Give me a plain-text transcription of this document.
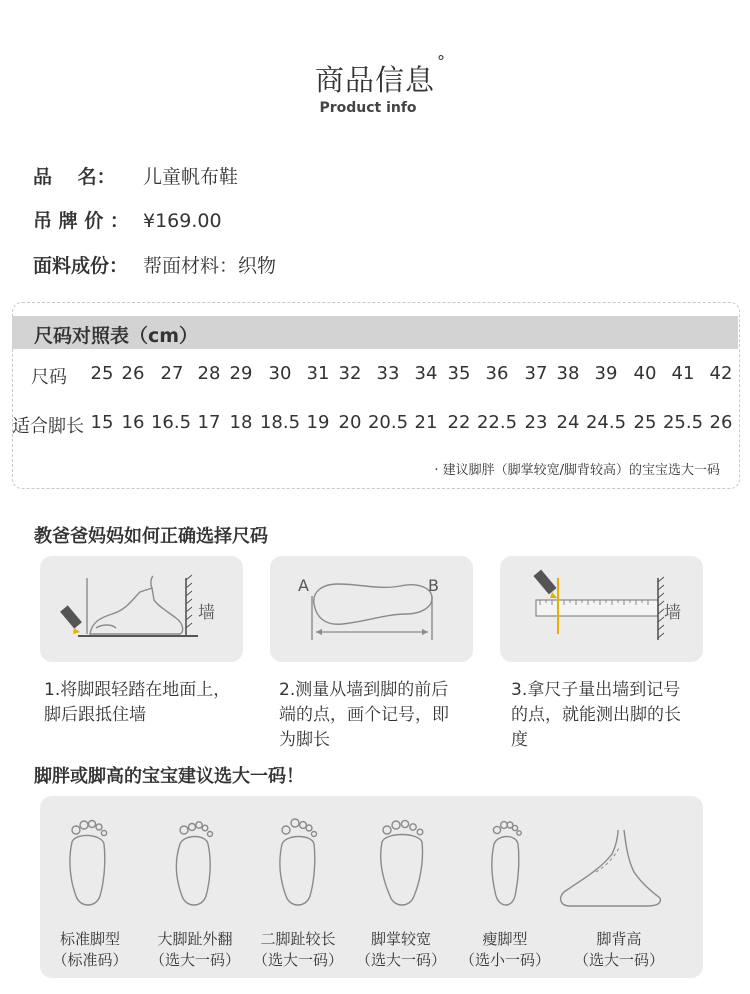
商品信息
°
Product info
品　 名： 儿童帆布鞋
吊 牌 价 ： ¥169.00
面料成份： 帮面材料：织物
尺码对照表（cm）
尺码 25 26 27 28 29 30 31 32 33 34 35 36 37 38 39 40 41 42
适合脚长 15 16 16.5 17 18 18.5 19 20 20.5 21 22 22.5 23 24 24.5 25 25.5 26
· 建议脚胖（脚掌较宽/脚背较高）的宝宝选大一码
教爸爸妈妈如何正确选择尺码
墙
A	B
墙
1.将脚跟轻踏在地面上，
脚后跟抵住墙
2.测量从墙到脚的前后
端的点，画个记号，即
为脚长
3.拿尺子量出墙到记号
的点，就能测出脚的长
度
脚胖或脚高的宝宝建议选大一码！
标准脚型
（标准码）
大脚趾外翻
（选大一码）
二脚趾较长
（选大一码）
脚掌较宽
（选大一码）
瘦脚型
（选小一码）
脚背高
（选大一码）
